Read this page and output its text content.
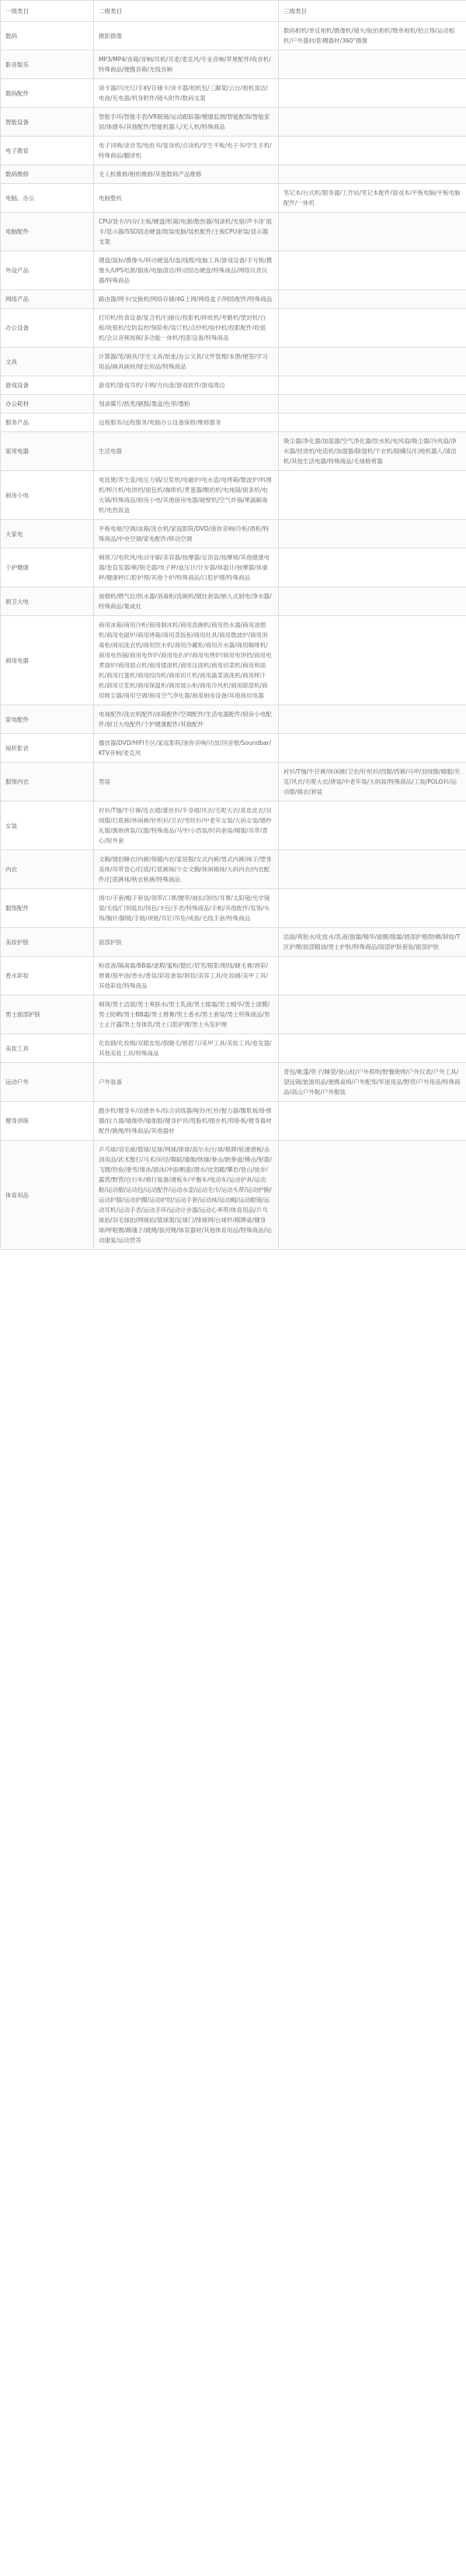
一级类目	二级类目	三级类目
数码	摄影摄像	数码相机/单反相机/摄像机/镜头/航拍相机/微单相机/拍立得/运动相机/户外器材/影棚器材/360°摄像
影音娱乐	MP3/MP4/音箱/音响/耳机/耳麦/麦克风/专业音响/苹果配件/收音机/特殊商品/便携音箱/无线音响	
数码配件	读卡器/闪光灯/手柄/存储卡/读卡器/相机包/三脚架/云台/相机清洁/电池/充电器/机身附件/镜头附件/数码支架	
智能设备	智能手环/智能手表/VR眼镜/运动跟踪器/健康监测/智能配饰/智能家居/体感车/其他配件/智能机器人/无人机/特殊商品	
电子教育	电子词典/录音笔/电纸书/复读机/点读机/学生平板/电子书/学生手机/特殊商品/翻译机	
数码维修	无人机维修/相机维修/其他数码产品维修	
电脑、办公	电脑整机	笔记本/台式机/服务器/工作站/笔记本配件/游戏本/平板电脑/平板电脑配件/一体机
电脑配件	CPU/显卡/内存/主板/硬盘/机箱/电源/散热器/刻录机/光驱/声卡/扩展卡/显示器/SSD固态硬盘/组装电脑/装机配件/主板CPU套装/显示器支架	
外设产品	键盘/鼠标/摄像头/移动硬盘/U盘/线缆/电脑工具/游戏设备/手写板/摄像头/UPS电源/插座/电脑清洁/移动固态硬盘/特殊商品/网络仪表仪器/特殊商品	
网络产品	路由器/网卡/交换机/网络存储/4G上网/网络盒子/网络配件/特殊商品	
办公设备	打印机/传真设备/复合机/扫描仪/投影机/碎纸机/考勤机/塑封机/白板/收银机/安防监控/保险柜/装订机/点钞机/验钞机/投影配件/收银机/会议音频视频/多功能一体机/投影设备/特殊商品	
文具	计算器/笔/画具/学生文具/纸张/办公文具/文件管理/本册/便签/学习用品/画具画材/财会用品/特殊商品	
游戏设备	游戏机/游戏耳机/手柄/方向盘/游戏软件/游戏周边	
办公耗材	刻录碟片/纸类/硒鼓/墨盒/色带/墨粉	
服务产品	远程服务/远程服务/电脑办公设备保修/维修服务	
家用电器	生活电器	吸尘器/净化器/加湿器/空气净化器/饮水机/电风扇/吸尘器/冷风扇/净水器/挂烫机/电话机/加湿器/除湿机/干衣机/除螨仪/扫地机器人/清洁机/其他生活电器/特殊商品/毛球修剪器
厨房小电	电饭煲/养生壶/电压力锅/豆浆机/电磁炉/电水壶/电烤箱/微波炉/料理机/榨汁机/电饼铛/面包机/咖啡机/煮蛋器/酸奶机/电炖锅/面条机/电火锅/特殊商品/厨房小电/其他厨房电器/破壁机/空气炸锅/果蔬解毒机/电热饭盒	
大家电	平板电视/空调/冰箱/洗衣机/家庭影院/DVD/迷你音响/冷柜/酒柜/特殊商品/中央空调/家电配件/移动空调	
个护健康	剃须刀/电吹风/电动牙刷/美容器/按摩器/足浴盆/按摩椅/其他健康电器/卷直发器/剃/脱毛器/电子秤/血压计/计步器/体温计/按摩器/体重秤/健康秤/口腔护理/其他个护/特殊商品/口腔护理/特殊商品	
厨卫大电	油烟机/燃气灶/热水器/消毒柜/洗碗机/烟灶套装/嵌入式厨电/净水器/特殊商品/集成灶	
商用电器	商用冰箱/商用冷柜/商用制冰机/商用洗碗机/商用热水器/商用油烟机/商用电磁炉/商用烤箱/商用蒸饭柜/商用灶具/商用微波炉/商用消毒柜/商用洗衣机/商用饮水机/商用冷藏柜/商用开水器/商用咖啡机/商用电热锅/商用电炸炉/商用电扒炉/商用电烤炉/商用电饼铛/商用电煮面炉/商用面点机/商用揉面机/商用压面机/商用切菜机/商用和面机/商用打蛋机/商用绞肉机/商用切片机/商用蔬菜清洗机/商用榨汁机/商用豆浆机/商用保温柜/商用展示柜/商用冷风机/商用除湿机/商用吸尘器/商用空调/商用空气净化器/商用厨房设备/其他商用电器	
家电配件	电视配件/洗衣机配件/冰箱配件/空调配件/生活电器配件/厨房小电配件/厨卫大电配件/个护健康配件/其他配件	
视听影音	播放器/DVD/HIFI专区/家庭影院/迷你音响/功放/回音壁/Soundbar/KTV音响/麦克风	
服饰内衣	男装	衬衫/T恤/牛仔裤/休闲裤/卫衣/针织衫/西服/西裤/马甲/羽绒服/棉服/夹克/风衣/毛呢大衣/唐装/中老年装/大码装/特殊商品/工装/POLO衫/运动服/棉衣/套装
女装	衬衫/T恤/牛仔裤/连衣裙/蕾丝衫/半身裙/风衣/毛呢大衣/真皮皮衣/羽绒服/打底裤/休闲裤/针织衫/卫衣/雪纺衫/中老年女装/大码女装/婚纱礼服/旗袍唐装/汉服/特殊商品/马甲/小西装/时尚套装/棉服/吊带/背心/短外套	
内衣	文胸/情侣睡衣/内裤/保暖内衣/家居服/女式内裤/男式内裤/袜子/塑身美体/吊带背心/打底/打底裤袜/少女文胸/休闲棉袜/大码内衣/内衣配件/打底裤袜/秋衣秋裤/特殊商品	
服饰配件	围巾/手套/帽子套装/领带/口罩/腰带/袖扣/领结/耳罩/太阳镜/光学镜架/毛线/门钥匙扣/钱包/卡包/手表/特殊商品/手帕/其他配件/发饰/头饰/胸针/脚链/手链/项链/耳钉/吊坠/戒指/毛线手套/特殊商品	
美妆护肤	面部护肤	洁面/爽肤水/化妆水/乳液/面霜/精华/面膜/眼霜/唇部护理/防晒/卸妆/T区护理/面部精油/男士护肤/特殊商品/面部护肤套装/面部护肤
香水彩妆	粉底液/隔离霜/BB霜/遮瑕/蜜粉/腮红/眉笔/眼影/眼线/睫毛膏/唇彩/唇膏/指甲油/香水/香氛/彩妆套装/卸妆/美容工具/化妆刷/美甲工具/其他彩妆/特殊商品	
男士面部护肤	剃须/男士洁面/男士爽肤水/男士乳液/男士眼霜/男士精华/男士面膜/男士防晒/男士BB霜/男士唇膏/男士香水/男士套装/男士特殊商品/男士止汗露/男士身体乳/男士口腔护理/男士头发护理	
美妆工具	化妆刷/化妆棉/双眼皮贴/假睫毛/修眉刀/美甲工具/美妆工具/卷发器/其他美妆工具/特殊商品	
运动户外	户外装备	背包/帐篷/垫子/睡袋/登山杖/户外照明/野餐烧烤/户外仪表/户外工具/望远镜/旅游用品/便携桌椅/户外配饰/军迷用品/野营/户外用品/特殊商品/高山户外鞋/户外服装
健身训练	跑步机/健身车/动感单车/综合训练器/哑铃/杠铃/握力器/腹肌板/卧推器/拉力器/瑜伽垫/瑜伽服/健身护具/甩脂机/踏步机/仰卧板/健身器材配件/跳绳/特殊商品/其他器材	
体育用品	乒乓球/羽毛球/篮球/足球/网球/排球/高尔夫/台球/棋牌/轮滑滑板/击剑用品/武术散打/马术/田径/舞蹈/瑜伽/体操/拳击/跆拳道/搏击/射箭/飞镖/钓鱼/滑雪/滑冰/游泳/冲浪/帆船/潜水/皮划艇/攀岩/登山/徒步/露营/野营/自行车/骑行装备/滑板车/平衡车/电动车/运动护具/运动鞋/运动服/运动包/运动配件/运动水壶/运动毛巾/运动头带/运动护腕/运动护膝/运动护踝/运动护肘/运动手套/运动袜/运动帽/运动眼镜/运动耳机/运动手表/运动手环/运动计步器/运动心率带/体育用品/乒乓球拍/羽毛球拍/网球拍/篮球架/足球门/排球网/台球杆/棋牌桌/健身球/呼啦圈/踢毽子/跳绳/拔河绳/体育器材/其他体育用品/特殊商品/运动康复/运动营养	
